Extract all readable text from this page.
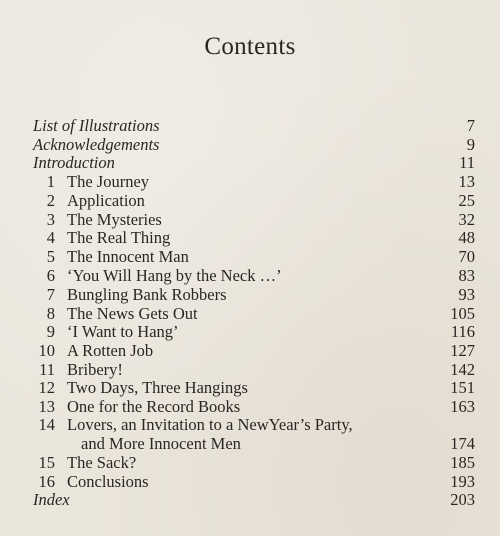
Contents
List of Illustrations	7
Acknowledgements	9
Introduction	11
1 The Journey	13
2 Application	25
3 The Mysteries	32
4 The Real Thing	48
5 The Innocent Man	70
6 ‘You Will Hang by the Neck …’	83
7 Bungling Bank Robbers	93
8 The News Gets Out	105
9 ‘I Want to Hang’	116
10 A Rotten Job	127
11 Bribery!	142
12 Two Days, Three Hangings	151
13 One for the Record Books	163
14 Lovers, an Invitation to a NewYear’s Party,
and More Innocent Men	174
15 The Sack?	185
16 Conclusions	193
Index	203
